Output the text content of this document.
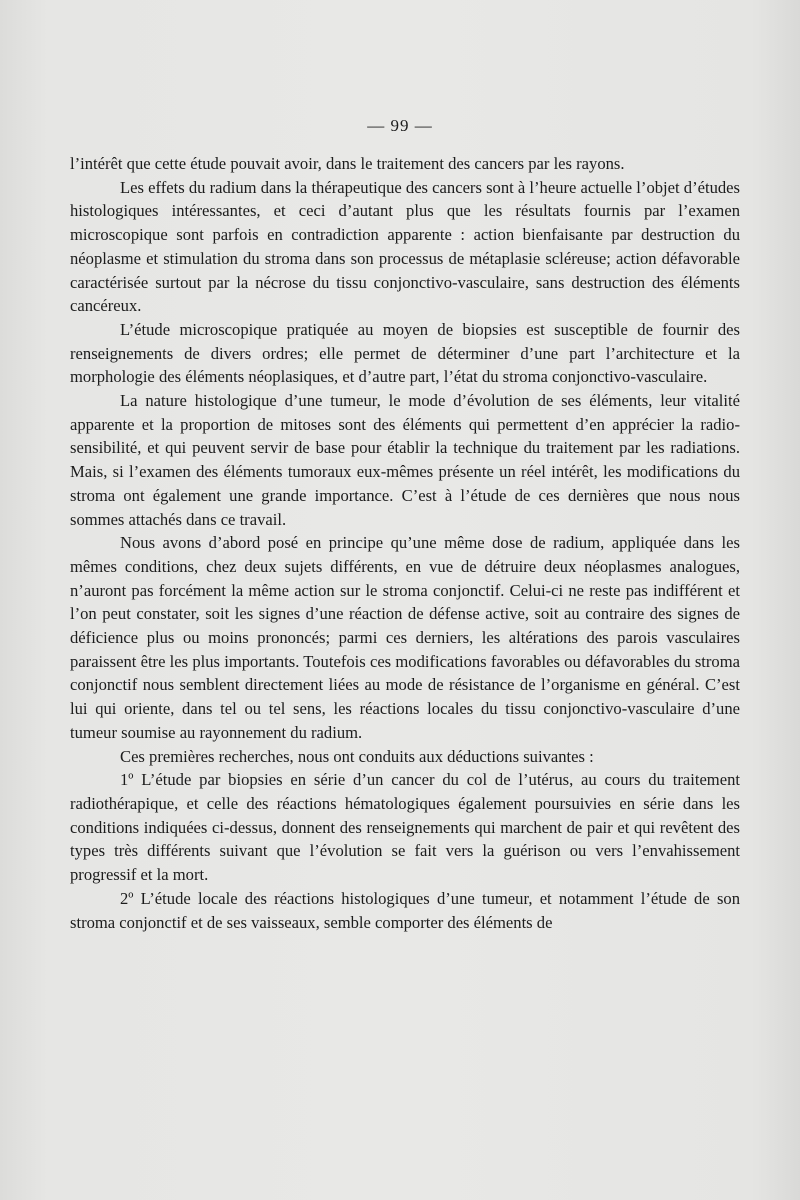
— 99 —

l’intérêt que cette étude pouvait avoir, dans le traitement des cancers par les rayons.

Les effets du radium dans la thérapeutique des cancers sont à l’heure actuelle l’objet d’études histologiques intéressantes, et ceci d’autant plus que les résultats fournis par l’examen microscopique sont parfois en contradiction apparente : action bienfaisante par destruction du néoplasme et stimulation du stroma dans son processus de métaplasie scléreuse; action défavorable caractérisée surtout par la nécrose du tissu conjonctivo-vasculaire, sans destruction des éléments cancéreux.

L’étude microscopique pratiquée au moyen de biopsies est susceptible de fournir des renseignements de divers ordres; elle permet de déterminer d’une part l’architecture et la morphologie des éléments néoplasiques, et d’autre part, l’état du stroma conjonctivo-vasculaire.

La nature histologique d’une tumeur, le mode d’évolution de ses éléments, leur vitalité apparente et la proportion de mitoses sont des éléments qui permettent d’en apprécier la radio-sensibilité, et qui peuvent servir de base pour établir la technique du traitement par les radiations. Mais, si l’examen des éléments tumoraux eux-mêmes présente un réel intérêt, les modifications du stroma ont également une grande importance. C’est à l’étude de ces dernières que nous nous sommes attachés dans ce travail.

Nous avons d’abord posé en principe qu’une même dose de radium, appliquée dans les mêmes conditions, chez deux sujets différents, en vue de détruire deux néoplasmes analogues, n’auront pas forcément la même action sur le stroma conjonctif. Celui-ci ne reste pas indifférent et l’on peut constater, soit les signes d’une réaction de défense active, soit au contraire des signes de déficience plus ou moins prononcés; parmi ces derniers, les altérations des parois vasculaires paraissent être les plus importants. Toutefois ces modifications favorables ou défavorables du stroma conjonctif nous semblent directement liées au mode de résistance de l’organisme en général. C’est lui qui oriente, dans tel ou tel sens, les réactions locales du tissu conjonctivo-vasculaire d’une tumeur soumise au rayonnement du radium.

Ces premières recherches, nous ont conduits aux déductions suivantes :

1º L’étude par biopsies en série d’un cancer du col de l’utérus, au cours du traitement radiothérapique, et celle des réactions hématologiques également poursuivies en série dans les conditions indiquées ci-dessus, donnent des renseignements qui marchent de pair et qui revêtent des types très différents suivant que l’évolution se fait vers la guérison ou vers l’envahissement progressif et la mort.

2º L’étude locale des réactions histologiques d’une tumeur, et notamment l’étude de son stroma conjonctif et de ses vaisseaux, semble comporter des éléments de
